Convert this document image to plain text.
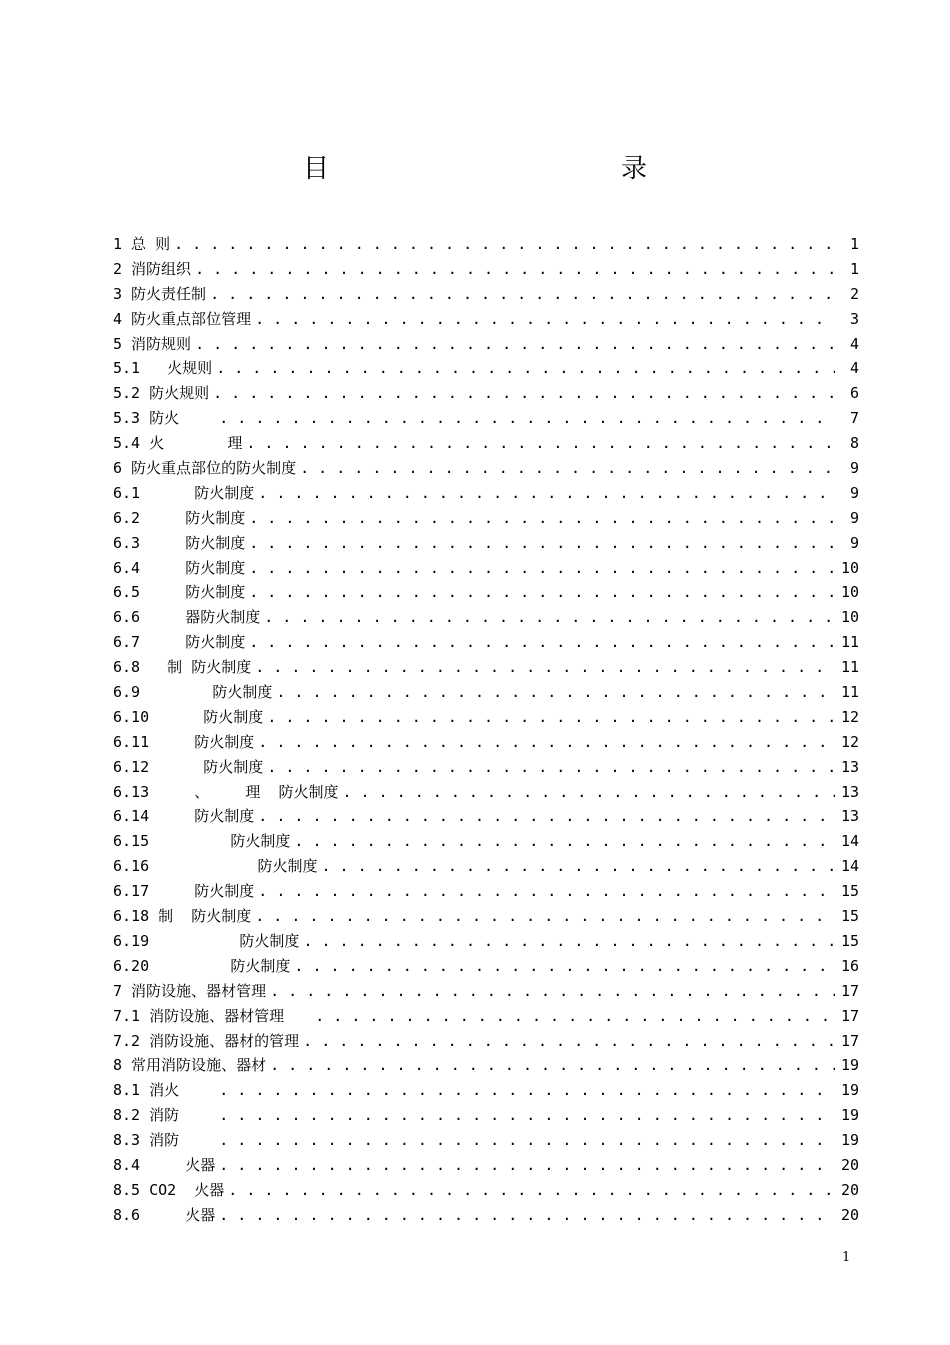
目　　录
1 总 则 . . .	1
2 消防组织 . . .	1
3 防火责任制 . . .	2
4 防火重点部位管理 . . .	3
5 消防规则 . . .	4
5.1 火规则 . . .	4
5.2 防火规则 . . .	6
5.3 防火 . . .	7
5.4 火       理 . . .	8
6 防火重点部位的防火制度 . . .	9
6.1 防火制度 . . .	9
6.2 防火制度 . . .	9
6.3 防火制度 . . .	9
6.4 防火制度 . . .	10
6.5 防火制度 . . .	10
6.6 器防火制度 . . .	10
6.7 防火制度 . . .	11
6.8 制 防火制度 . . .	11
6.9 防火制度 . . .	11
6.10 防火制度 . . .	12
6.11 防火制度 . . .	12
6.12 防火制度 . . .	13
6.13 、    理  防火制度 . . .	13
6.14 防火制度 . . .	13
6.15 防火制度 . . .	14
6.16 防火制度 . . .	14
6.17 防火制度 . . .	15
6.18 制  防火制度 . . .	15
6.19 防火制度 . . .	15
6.20 防火制度 . . .	16
7 消防设施、器材管理 . . .	17
7.1 消防设施、器材管理 . . .	17
7.2 消防设施、器材的管理 . . .	17
8 常用消防设施、器材 . . .	19
8.1 消火 . . .	19
8.2 消防 . . .	19
8.3 消防 . . .	19
8.4 火器 . . .	20
8.5 CO2  火器 . . .	20
8.6 火器 . . .	20
1
